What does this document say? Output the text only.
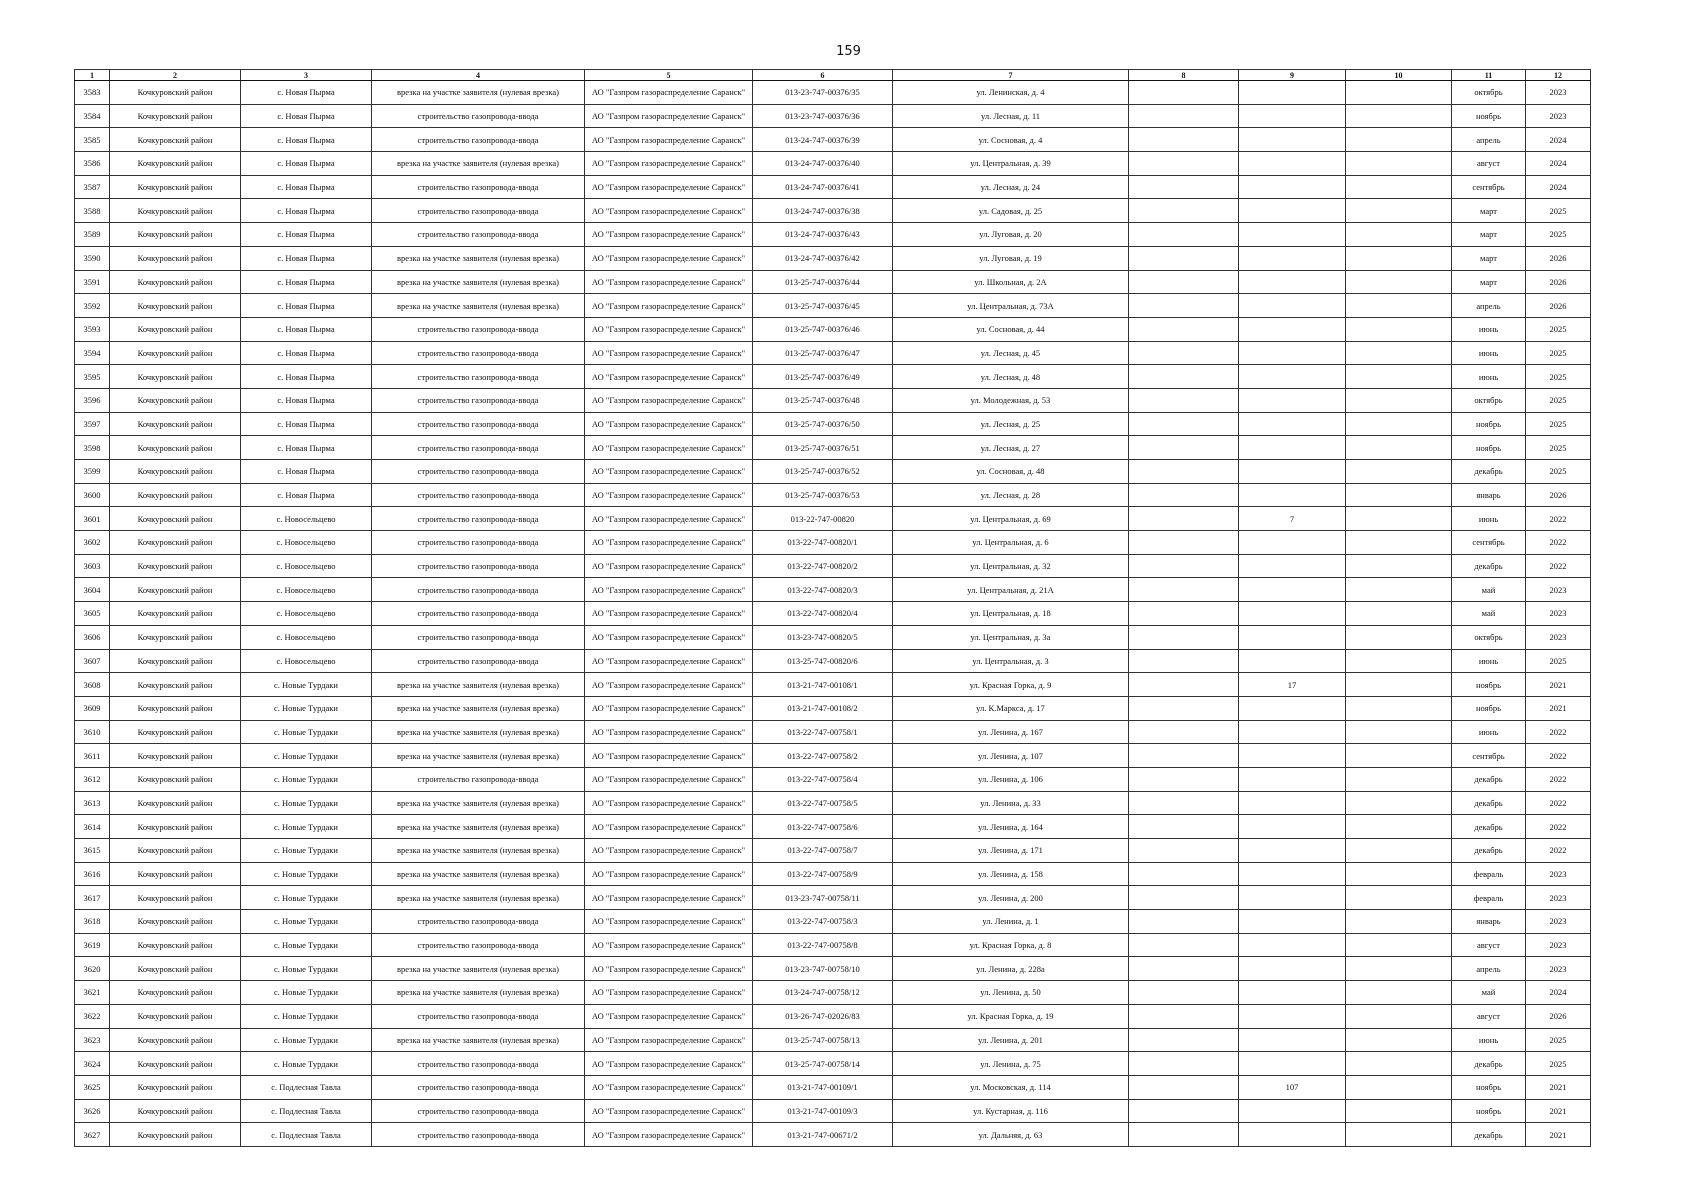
159
1	2	3	4	5	6	7	8	9	10	11	12
3583	Кочкуровский район	с. Новая Пырма	врезка на участке заявителя (нулевая врезка)	АО "Газпром газораспределение Саранск"	013-23-747-00376/35	ул. Ленинская, д. 4				октябрь	2023
3584	Кочкуровский район	с. Новая Пырма	строительство газопровода-ввода	АО "Газпром газораспределение Саранск"	013-23-747-00376/36	ул. Лесная, д. 11				ноябрь	2023
3585	Кочкуровский район	с. Новая Пырма	строительство газопровода-ввода	АО "Газпром газораспределение Саранск"	013-24-747-00376/39	ул. Сосновая, д. 4				апрель	2024
3586	Кочкуровский район	с. Новая Пырма	врезка на участке заявителя (нулевая врезка)	АО "Газпром газораспределение Саранск"	013-24-747-00376/40	ул. Центральная, д. 39				август	2024
3587	Кочкуровский район	с. Новая Пырма	строительство газопровода-ввода	АО "Газпром газораспределение Саранск"	013-24-747-00376/41	ул. Лесная, д. 24				сентябрь	2024
3588	Кочкуровский район	с. Новая Пырма	строительство газопровода-ввода	АО "Газпром газораспределение Саранск"	013-24-747-00376/38	ул. Садовая, д. 25				март	2025
3589	Кочкуровский район	с. Новая Пырма	строительство газопровода-ввода	АО "Газпром газораспределение Саранск"	013-24-747-00376/43	ул. Луговая, д. 20				март	2025
3590	Кочкуровский район	с. Новая Пырма	врезка на участке заявителя (нулевая врезка)	АО "Газпром газораспределение Саранск"	013-24-747-00376/42	ул. Луговая, д. 19				март	2026
3591	Кочкуровский район	с. Новая Пырма	врезка на участке заявителя (нулевая врезка)	АО "Газпром газораспределение Саранск"	013-25-747-00376/44	ул. Школьная, д. 2А				март	2026
3592	Кочкуровский район	с. Новая Пырма	врезка на участке заявителя (нулевая врезка)	АО "Газпром газораспределение Саранск"	013-25-747-00376/45	ул. Центральная, д. 73А				апрель	2026
3593	Кочкуровский район	с. Новая Пырма	строительство газопровода-ввода	АО "Газпром газораспределение Саранск"	013-25-747-00376/46	ул. Сосновая, д. 44				июнь	2025
3594	Кочкуровский район	с. Новая Пырма	строительство газопровода-ввода	АО "Газпром газораспределение Саранск"	013-25-747-00376/47	ул. Лесная, д. 45				июнь	2025
3595	Кочкуровский район	с. Новая Пырма	строительство газопровода-ввода	АО "Газпром газораспределение Саранск"	013-25-747-00376/49	ул. Лесная, д. 48				июнь	2025
3596	Кочкуровский район	с. Новая Пырма	строительство газопровода-ввода	АО "Газпром газораспределение Саранск"	013-25-747-00376/48	ул. Молодежная, д. 53				октябрь	2025
3597	Кочкуровский район	с. Новая Пырма	строительство газопровода-ввода	АО "Газпром газораспределение Саранск"	013-25-747-00376/50	ул. Лесная, д. 25				ноябрь	2025
3598	Кочкуровский район	с. Новая Пырма	строительство газопровода-ввода	АО "Газпром газораспределение Саранск"	013-25-747-00376/51	ул. Лесная, д. 27				ноябрь	2025
3599	Кочкуровский район	с. Новая Пырма	строительство газопровода-ввода	АО "Газпром газораспределение Саранск"	013-25-747-00376/52	ул. Сосновая, д. 48				декабрь	2025
3600	Кочкуровский район	с. Новая Пырма	строительство газопровода-ввода	АО "Газпром газораспределение Саранск"	013-25-747-00376/53	ул. Лесная, д. 28				январь	2026
3601	Кочкуровский район	с. Новосельцево	строительство газопровода-ввода	АО "Газпром газораспределение Саранск"	013-22-747-00820	ул. Центральная, д. 69		7		июнь	2022
3602	Кочкуровский район	с. Новосельцево	строительство газопровода-ввода	АО "Газпром газораспределение Саранск"	013-22-747-00820/1	ул. Центральная, д. 6				сентябрь	2022
3603	Кочкуровский район	с. Новосельцево	строительство газопровода-ввода	АО "Газпром газораспределение Саранск"	013-22-747-00820/2	ул. Центральная, д. 32				декабрь	2022
3604	Кочкуровский район	с. Новосельцево	строительство газопровода-ввода	АО "Газпром газораспределение Саранск"	013-22-747-00820/3	ул. Центральная, д. 21А				май	2023
3605	Кочкуровский район	с. Новосельцево	строительство газопровода-ввода	АО "Газпром газораспределение Саранск"	013-22-747-00820/4	ул. Центральная, д. 18				май	2023
3606	Кочкуровский район	с. Новосельцево	строительство газопровода-ввода	АО "Газпром газораспределение Саранск"	013-23-747-00820/5	ул. Центральная, д. 3а				октябрь	2023
3607	Кочкуровский район	с. Новосельцево	строительство газопровода-ввода	АО "Газпром газораспределение Саранск"	013-25-747-00820/6	ул. Центральная, д. 3				июнь	2025
3608	Кочкуровский район	с. Новые Турдаки	врезка на участке заявителя (нулевая врезка)	АО "Газпром газораспределение Саранск"	013-21-747-00108/1	ул. Красная Горка, д. 9		17		ноябрь	2021
3609	Кочкуровский район	с. Новые Турдаки	врезка на участке заявителя (нулевая врезка)	АО "Газпром газораспределение Саранск"	013-21-747-00108/2	ул. К.Маркса, д. 17				ноябрь	2021
3610	Кочкуровский район	с. Новые Турдаки	врезка на участке заявителя (нулевая врезка)	АО "Газпром газораспределение Саранск"	013-22-747-00758/1	ул. Ленина, д. 167				июнь	2022
3611	Кочкуровский район	с. Новые Турдаки	врезка на участке заявителя (нулевая врезка)	АО "Газпром газораспределение Саранск"	013-22-747-00758/2	ул. Ленина, д. 107				сентябрь	2022
3612	Кочкуровский район	с. Новые Турдаки	строительство газопровода-ввода	АО "Газпром газораспределение Саранск"	013-22-747-00758/4	ул. Ленина, д. 106				декабрь	2022
3613	Кочкуровский район	с. Новые Турдаки	врезка на участке заявителя (нулевая врезка)	АО "Газпром газораспределение Саранск"	013-22-747-00758/5	ул. Ленина, д. 33				декабрь	2022
3614	Кочкуровский район	с. Новые Турдаки	врезка на участке заявителя (нулевая врезка)	АО "Газпром газораспределение Саранск"	013-22-747-00758/6	ул. Ленина, д. 164				декабрь	2022
3615	Кочкуровский район	с. Новые Турдаки	врезка на участке заявителя (нулевая врезка)	АО "Газпром газораспределение Саранск"	013-22-747-00758/7	ул. Ленина, д. 171				декабрь	2022
3616	Кочкуровский район	с. Новые Турдаки	врезка на участке заявителя (нулевая врезка)	АО "Газпром газораспределение Саранск"	013-22-747-00758/9	ул. Ленина, д. 158				февраль	2023
3617	Кочкуровский район	с. Новые Турдаки	врезка на участке заявителя (нулевая врезка)	АО "Газпром газораспределение Саранск"	013-23-747-00758/11	ул. Ленина, д. 200				февраль	2023
3618	Кочкуровский район	с. Новые Турдаки	строительство газопровода-ввода	АО "Газпром газораспределение Саранск"	013-22-747-00758/3	ул. Ленина, д. 1				январь	2023
3619	Кочкуровский район	с. Новые Турдаки	строительство газопровода-ввода	АО "Газпром газораспределение Саранск"	013-22-747-00758/8	ул. Красная Горка, д. 8				август	2023
3620	Кочкуровский район	с. Новые Турдаки	врезка на участке заявителя (нулевая врезка)	АО "Газпром газораспределение Саранск"	013-23-747-00758/10	ул. Ленина, д. 228а				апрель	2023
3621	Кочкуровский район	с. Новые Турдаки	врезка на участке заявителя (нулевая врезка)	АО "Газпром газораспределение Саранск"	013-24-747-00758/12	ул. Ленина, д. 50				май	2024
3622	Кочкуровский район	с. Новые Турдаки	строительство газопровода-ввода	АО "Газпром газораспределение Саранск"	013-26-747-02026/83	ул. Красная Горка, д. 19				август	2026
3623	Кочкуровский район	с. Новые Турдаки	врезка на участке заявителя (нулевая врезка)	АО "Газпром газораспределение Саранск"	013-25-747-00758/13	ул. Ленина, д. 201				июнь	2025
3624	Кочкуровский район	с. Новые Турдаки	строительство газопровода-ввода	АО "Газпром газораспределение Саранск"	013-25-747-00758/14	ул. Ленина, д. 75				декабрь	2025
3625	Кочкуровский район	с. Подлесная Тавла	строительство газопровода-ввода	АО "Газпром газораспределение Саранск"	013-21-747-00109/1	ул. Московская, д. 114		107		ноябрь	2021
3626	Кочкуровский район	с. Подлесная Тавла	строительство газопровода-ввода	АО "Газпром газораспределение Саранск"	013-21-747-00109/3	ул. Кустарная, д. 116				ноябрь	2021
3627	Кочкуровский район	с. Подлесная Тавла	строительство газопровода-ввода	АО "Газпром газораспределение Саранск"	013-21-747-00671/2	ул. Дальняя, д. 63				декабрь	2021
